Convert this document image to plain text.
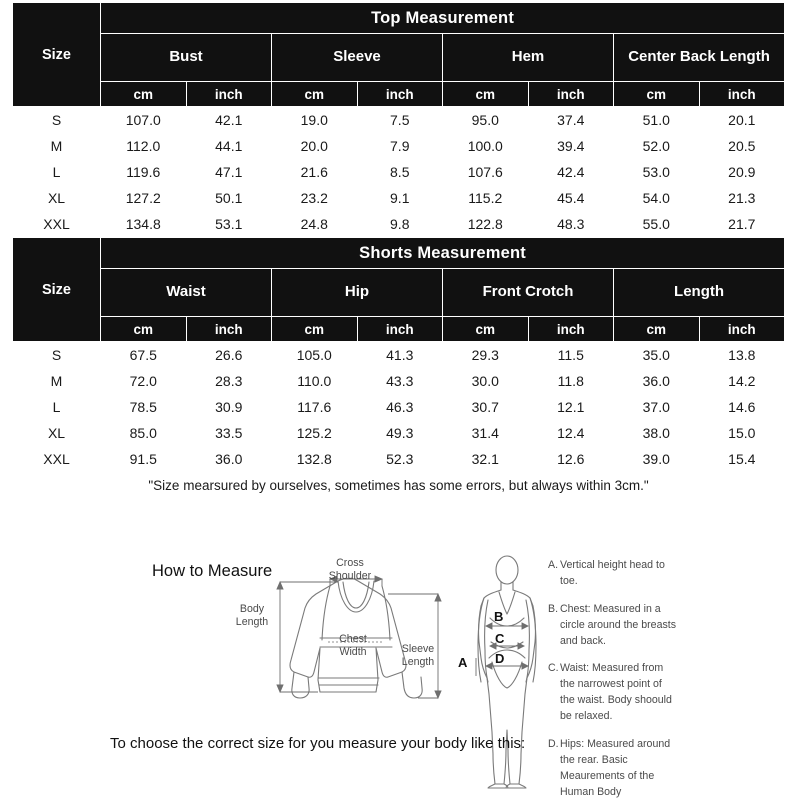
Size	Top Measurement							
	Bust		Sleeve		Hem		Center Back Length	
	cm	inch	cm	inch	cm	inch	cm	inch
S	107.0	42.1	19.0	7.5	95.0	37.4	51.0	20.1
M	112.0	44.1	20.0	7.9	100.0	39.4	52.0	20.5
L	119.6	47.1	21.6	8.5	107.6	42.4	53.0	20.9
XL	127.2	50.1	23.2	9.1	115.2	45.4	54.0	21.3
XXL	134.8	53.1	24.8	9.8	122.8	48.3	55.0	21.7
Size	Shorts Measurement							
	Waist		Hip		Front Crotch		Length	
	cm	inch	cm	inch	cm	inch	cm	inch
S	67.5	26.6	105.0	41.3	29.3	11.5	35.0	13.8
M	72.0	28.3	110.0	43.3	30.0	11.8	36.0	14.2
L	78.5	30.9	117.6	46.3	30.7	12.1	37.0	14.6
XL	85.0	33.5	125.2	49.3	31.4	12.4	38.0	15.0
XXL	91.5	36.0	132.8	52.3	32.1	12.6	39.0	15.4
"Size mearsured by ourselves, sometimes has some errors, but always within 3cm."								
How to Measure	Cross
Shoulder
Body
Length
Chest
Width	Sleeve
Length
B
C
D
A
A. Vertical height head to toe.
B. Chest: Measured in a circle around the breasts and back.
C. Waist: Measured from the narrowest point of the waist. Body shoould be relaxed.
D. Hips: Measured around the rear. Basic Meaurements of the Human Body
To choose the correct size for you measure your body like this:
